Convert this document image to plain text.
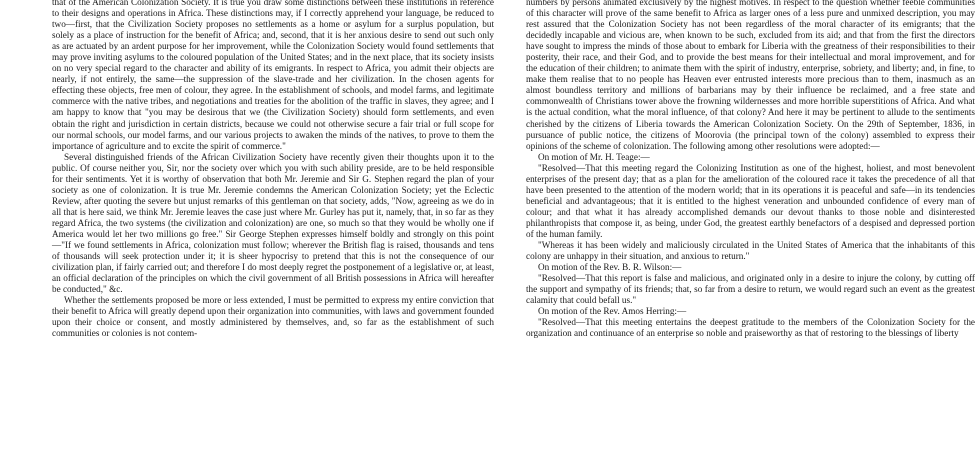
that of the American Colonization Society. It is true you draw some distinctions between these institutions in reference to their designs and operations in Africa. These distinctions may, if I correctly apprehend your language, be reduced to two—first, that the Civilization Society proposes no settlements as a home or asylum for a surplus population, but solely as a place of instruction for the benefit of Africa; and, second, that it is her anxious desire to send out such only as are actuated by an ardent purpose for her improvement, while the Colonization Society would found settlements that may prove inviting asylums to the coloured population of the United States; and in the next place, that its society insists on no very special regard to the character and ability of its emigrants. In respect to Africa, you admit their objects are nearly, if not entirely, the same—the suppression of the slave-trade and her civilization. In the chosen agents for effecting these objects, free men of colour, they agree. In the establishment of schools, and model farms, and legitimate commerce with the native tribes, and negotiations and treaties for the abolition of the traffic in slaves, they agree; and I am happy to know that "you may be desirous that we (the Civilization Society) should form settlements, and even obtain the right and jurisdiction in certain districts, because we could not otherwise secure a fair trial or full scope for our normal schools, our model farms, and our various projects to awaken the minds of the natives, to prove to them the importance of agriculture and to excite the spirit of commerce."

Several distinguished friends of the African Civilization Society have recently given their thoughts upon it to the public. Of course neither you, Sir, nor the society over which you with such ability preside, are to be held responsible for their sentiments. Yet it is worthy of observation that both Mr. Jeremie and Sir G. Stephen regard the plan of your society as one of colonization. It is true Mr. Jeremie condemns the American Colonization Society; yet the Eclectic Review, after quoting the severe but unjust remarks of this gentleman on that society, adds, "Now, agreeing as we do in all that is here said, we think Mr. Jeremie leaves the case just where Mr. Gurley has put it, namely, that, in so far as they regard Africa, the two systems (the civilization and colonization) are one, so much so that they would be wholly one if America would let her two millions go free." Sir George Stephen expresses himself boldly and strongly on this point—"If we found settlements in Africa, colonization must follow; wherever the British flag is raised, thousands and tens of thousands will seek protection under it; it is sheer hypocrisy to pretend that this is not the consequence of our civilization plan, if fairly carried out; and therefore I do most deeply regret the postponement of a legislative or, at least, an official declaration of the principles on which the civil government of all British possessions in Africa will hereafter be conducted," &c.

Whether the settlements proposed be more or less extended, I must be permitted to express my entire conviction that their benefit to Africa will greatly depend upon their organization into communities, with laws and government founded upon their choice or consent, and mostly administered by themselves, and, so far as the establishment of such communities or colonies is not contem-

numbers by persons animated exclusively by the highest motives. In respect to the question whether feeble communities of this character will prove of the same benefit to Africa as larger ones of a less pure and unmixed description, you may rest assured that the Colonization Society has not been regardless of the moral character of its emigrants; that the decidedly incapable and vicious are, when known to be such, excluded from its aid; and that from the first the directors have sought to impress the minds of those about to embark for Liberia with the greatness of their responsibilities to their posterity, their race, and their God, and to provide the best means for their intellectual and moral improvement, and for the education of their children; to animate them with the spirit of industry, enterprise, sobriety, and liberty; and, in fine, to make them realise that to no people has Heaven ever entrusted interests more precious than to them, inasmuch as an almost boundless territory and millions of barbarians may by their influence be reclaimed, and a free state and commonwealth of Christians tower above the frowning wildernesses and more horrible superstitions of Africa. And what is the actual condition, what the moral influence, of that colony? And here it may be pertinent to allude to the sentiments cherished by the citizens of Liberia towards the American Colonization Society. On the 29th of September, 1836, in pursuance of public notice, the citizens of Moorovia (the principal town of the colony) assembled to express their opinions of the scheme of colonization. The following among other resolutions were adopted:—

On motion of Mr. H. Teage:—

"Resolved—That this meeting regard the Colonizing Institution as one of the highest, holiest, and most benevolent enterprises of the present day; that as a plan for the amelioration of the coloured race it takes the precedence of all that have been presented to the attention of the modern world; that in its operations it is peaceful and safe—in its tendencies beneficial and advantageous; that it is entitled to the highest veneration and unbounded confidence of every man of colour; and that what it has already accomplished demands our devout thanks to those noble and disinterested philanthropists that compose it, as being, under God, the greatest earthly benefactors of a despised and depressed portion of the human family.

"Whereas it has been widely and maliciously circulated in the United States of America that the inhabitants of this colony are unhappy in their situation, and anxious to return."

On motion of the Rev. B. R. Wilson:—

"Resolved—That this report is false and malicious, and originated only in a desire to injure the colony, by cutting off the support and sympathy of its friends; that, so far from a desire to return, we would regard such an event as the greatest calamity that could befall us."

On motion of the Rev. Amos Herring:—

"Resolved—That this meeting entertains the deepest gratitude to the members of the Colonization Society for the organization and continuance of an enterprise so noble and praiseworthy as that of restoring to the blessings of liberty
